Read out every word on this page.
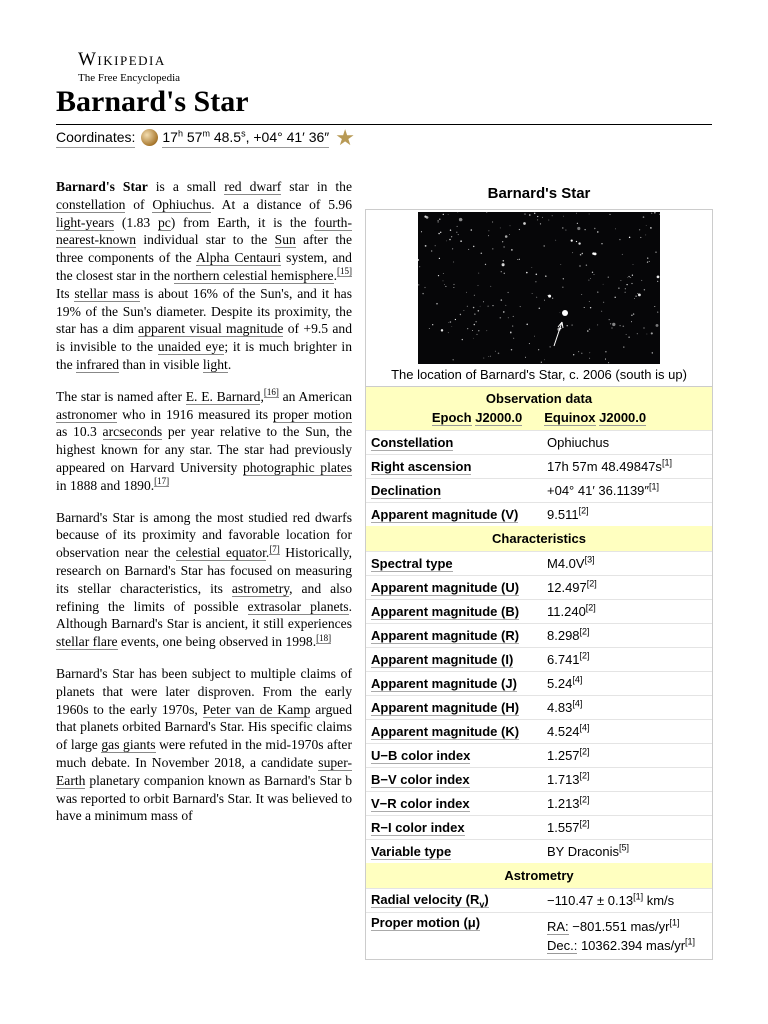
Wikipedia
The Free Encyclopedia
Barnard's Star
Coordinates: 17$^h$ 57$^m$ $48.5^s$, +04° 41′ 36″ ★

Barnard's Star is a small red dwarf star in the constellation of Ophiuchus. At a distance of 5.96 light-years (1.83 pc) from Earth, it is the fourth-nearest-known individual star to the Sun after the three components of the Alpha Centauri system, and the closest star in the northern celestial hemisphere.[15] Its stellar mass is about 16% of the Sun's, and it has 19% of the Sun's diameter. Despite its proximity, the star has a dim apparent visual magnitude of +9.5 and is invisible to the unaided eye; it is much brighter in the infrared than in visible light.

The star is named after E. E. Barnard,[16] an American astronomer who in 1916 measured its proper motion as 10.3 arcseconds per year relative to the Sun, the highest known for any star. The star had previously appeared on Harvard University photographic plates in 1888 and 1890.[17]

Barnard's Star is among the most studied red dwarfs because of its proximity and favorable location for observation near the celestial equator.[7] Historically, research on Barnard's Star has focused on measuring its stellar characteristics, its astrometry, and also refining the limits of possible extrasolar planets. Although Barnard's Star is ancient, it still experiences stellar flare events, one being observed in 1998.[18]

Barnard's Star has been subject to multiple claims of planets that were later disproven. From the early 1960s to the early 1970s, Peter van de Kamp argued that planets orbited Barnard's Star. His specific claims of large gas giants were refuted in the mid-1970s after much debate. In November 2018, a candidate super-Earth planetary companion known as Barnard's Star b was reported to orbit Barnard's Star. It was believed to have a minimum mass of

Barnard's Star
The location of Barnard's Star, c. 2006 (south is up)
Observation data
Epoch J2000.0 Equinox J2000.0
Constellation	Ophiuchus
Right ascension	17h 57m 48.49847s[1]
Declination	+04° 41′ 36.1139″[1]
Apparent magnitude (V)	9.511[2]
Characteristics
Spectral type	M4.0V[3]
Apparent magnitude (U)	12.497[2]
Apparent magnitude (B)	11.240[2]
Apparent magnitude (R)	8.298[2]
Apparent magnitude (I)	6.741[2]
Apparent magnitude (J)	5.24[4]
Apparent magnitude (H)	4.83[4]
Apparent magnitude (K)	4.524[4]
U−B color index	1.257[2]
B−V color index	1.713[2]
V−R color index	1.213[2]
R−I color index	1.557[2]
Variable type	BY Draconis[5]
Astrometry
Radial velocity $(R_v)$	−110.47 ± 0.13[1] km/s
Proper motion (μ)	RA: −801.551 mas/yr[1]
Dec.: 10362.394 mas/yr[1]
